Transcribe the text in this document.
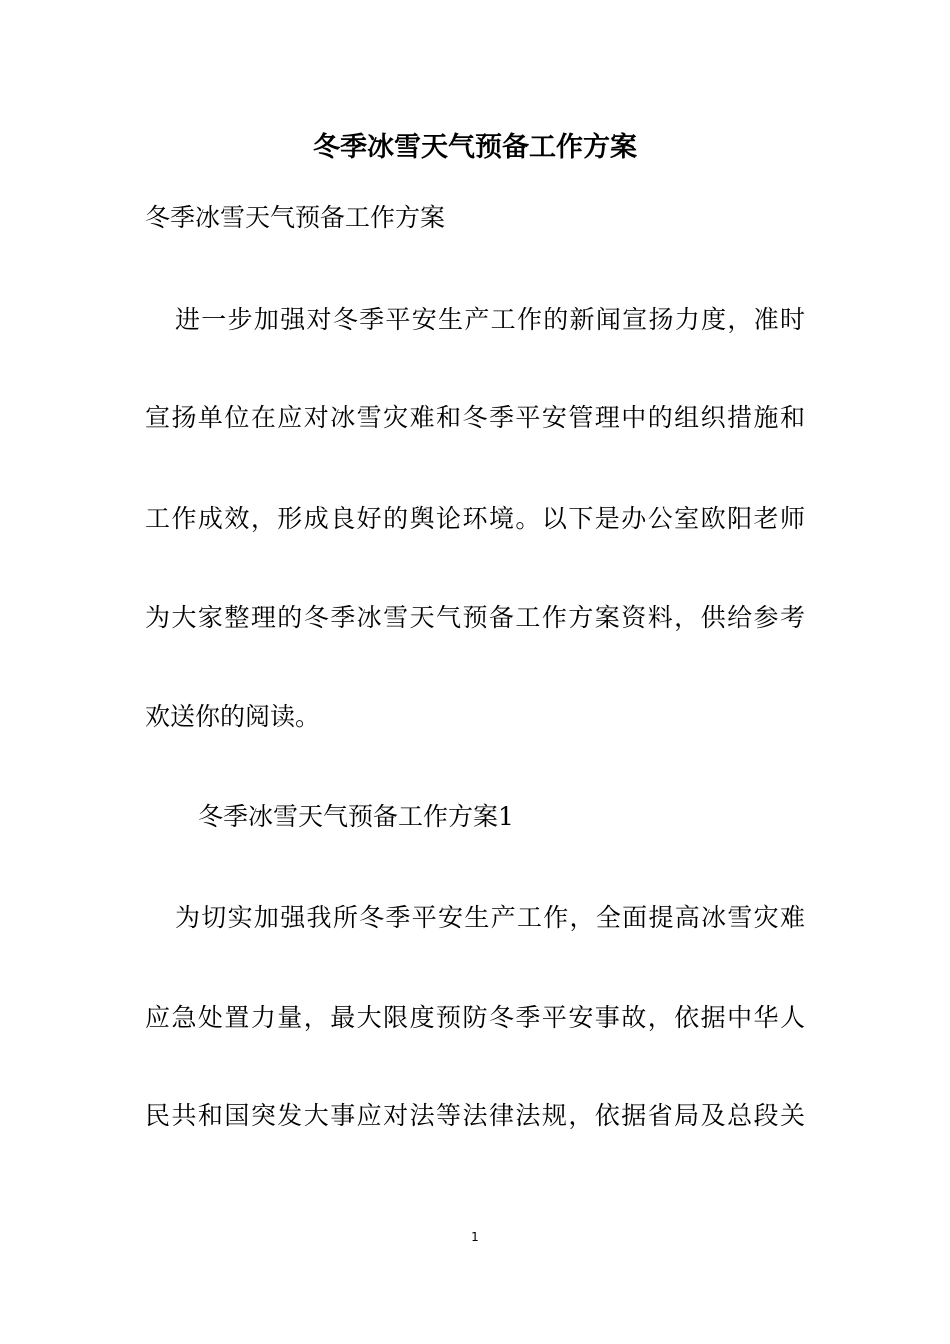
冬季冰雪天气预备工作方案

冬季冰雪天气预备工作方案

进一步加强对冬季平安生产工作的新闻宣扬力度，准时

宣扬单位在应对冰雪灾难和冬季平安管理中的组织措施和

工作成效，形成良好的舆论环境。以下是办公室欧阳老师

为大家整理的冬季冰雪天气预备工作方案资料，供给参考

欢送你的阅读。

冬季冰雪天气预备工作方案1

为切实加强我所冬季平安生产工作，全面提高冰雪灾难

应急处置力量，最大限度预防冬季平安事故，依据中华人

民共和国突发大事应对法等法律法规，依据省局及总段关

1
